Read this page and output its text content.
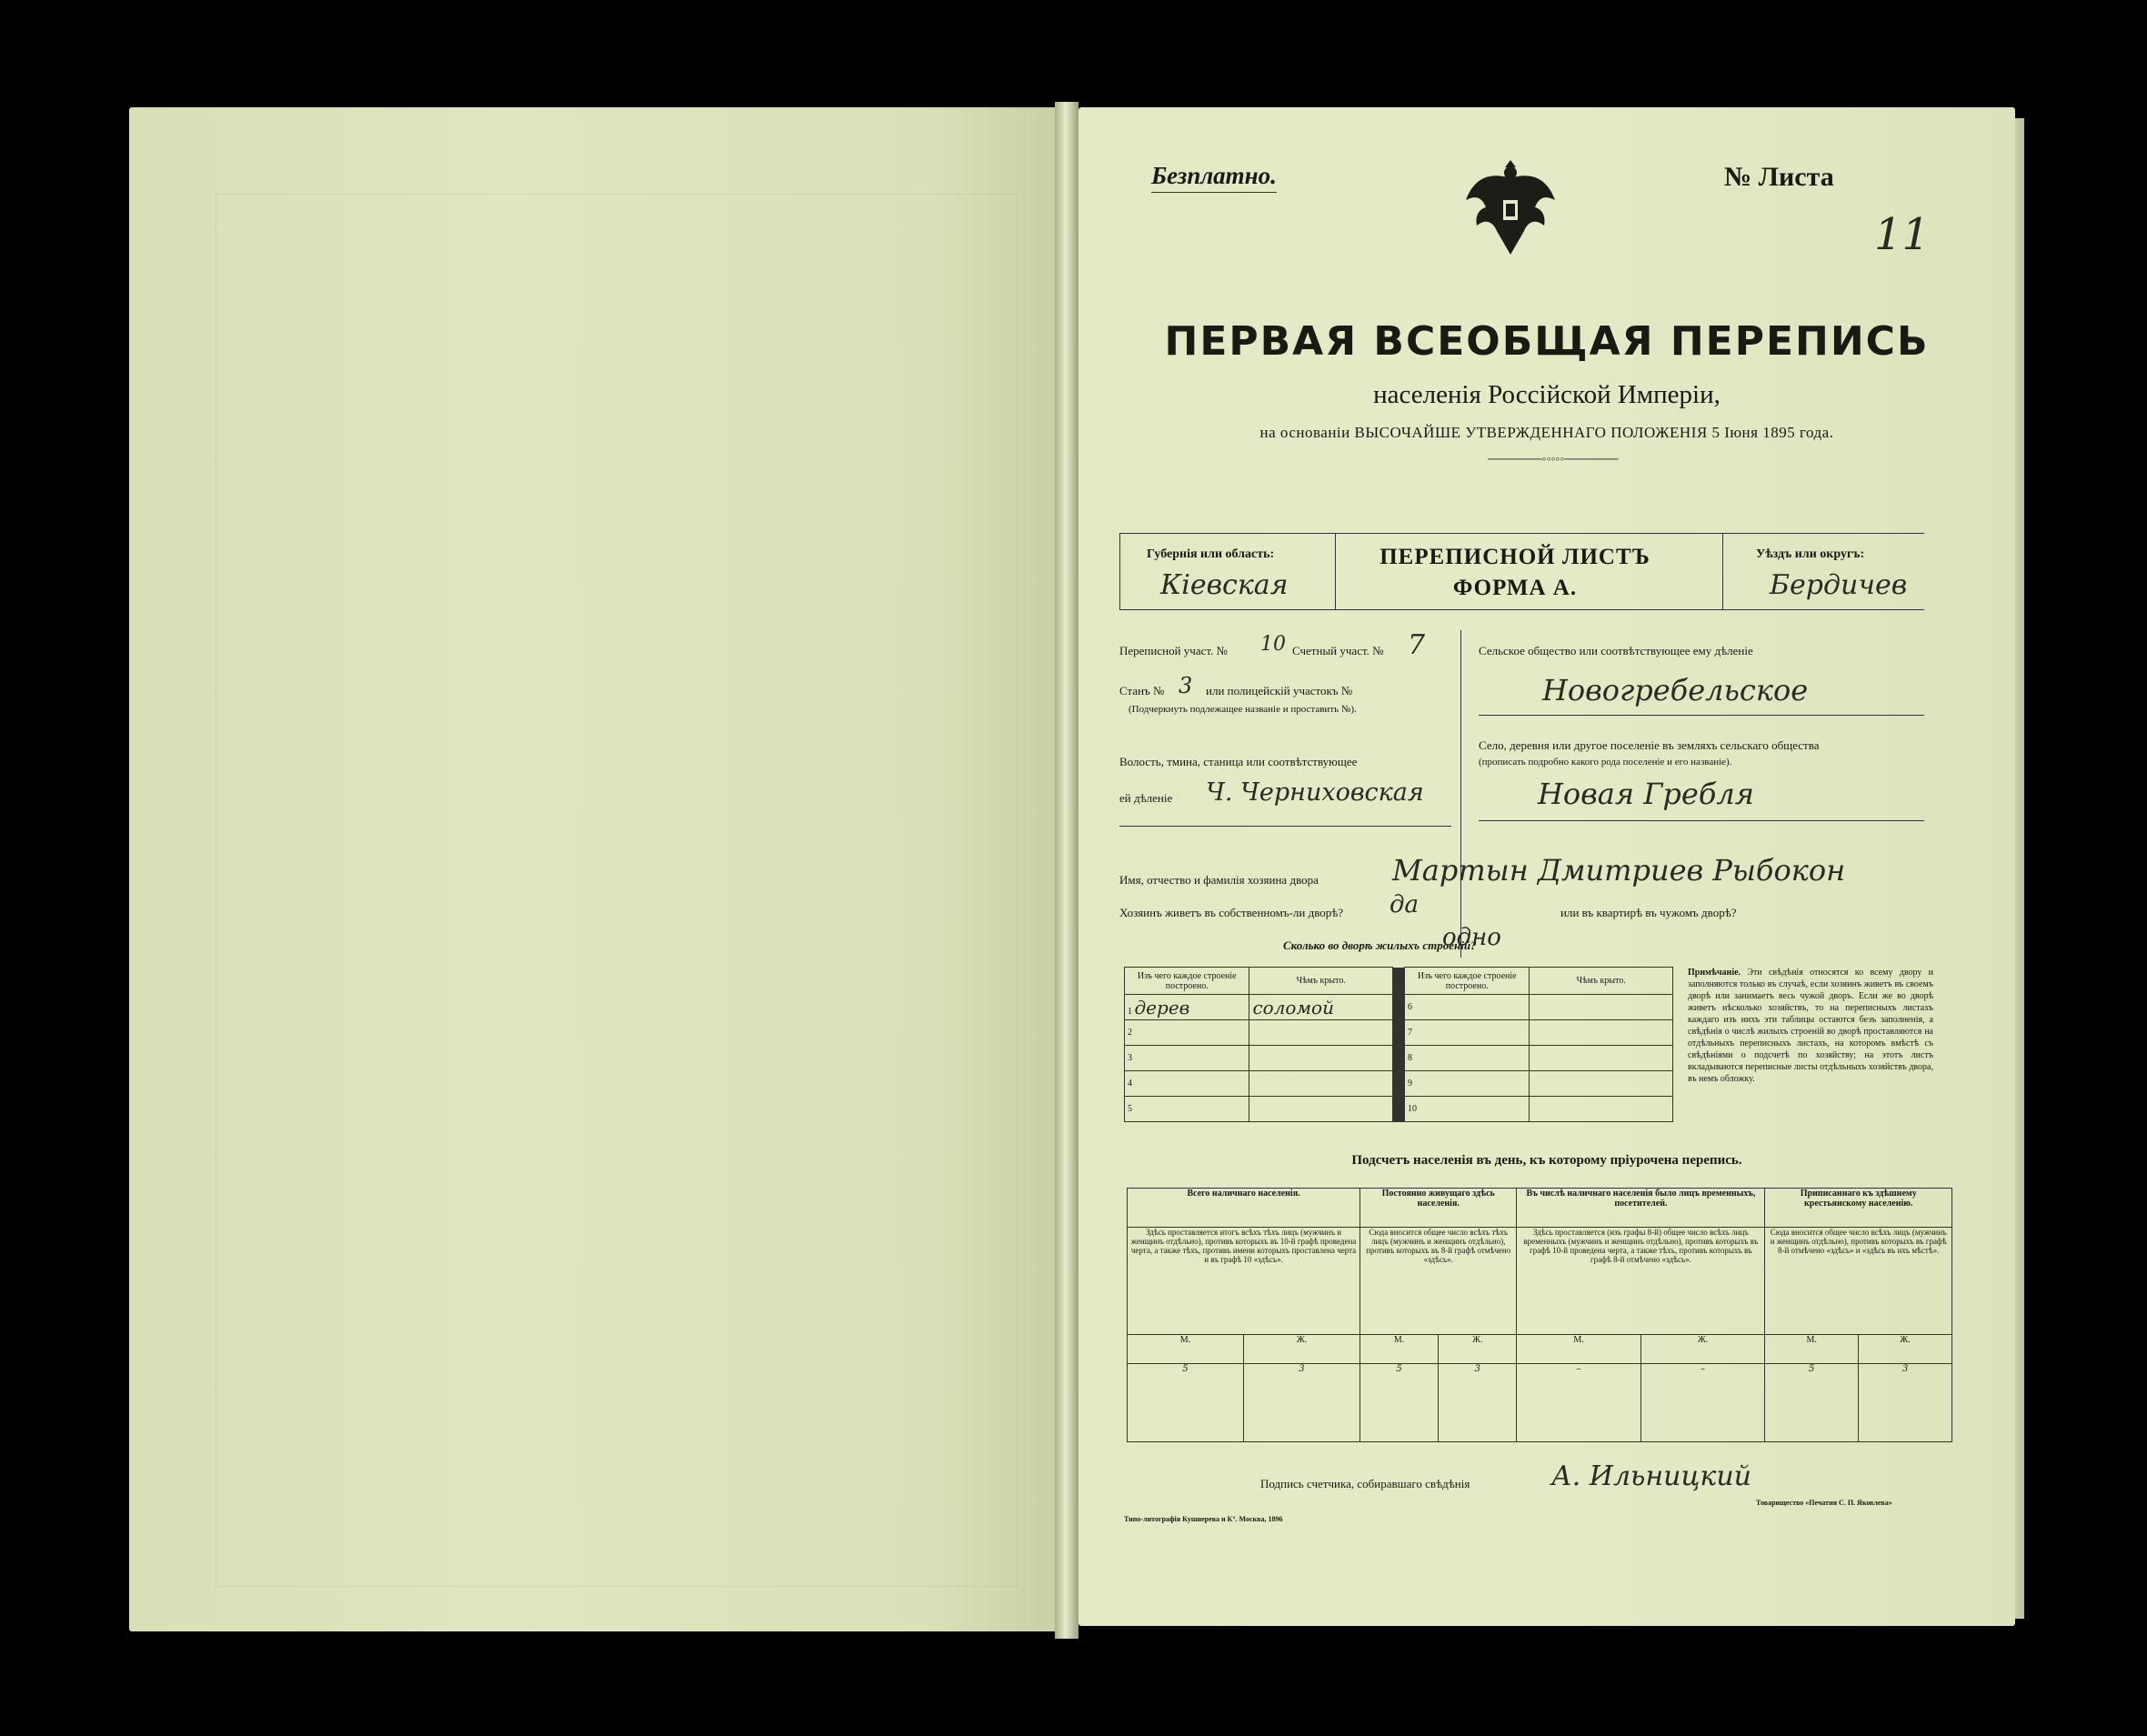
Безплатно.	№ Листа
11
ПЕРВАЯ ВСЕОБЩАЯ ПЕРЕПИСЬ
населенія Россійской Имперіи,
на основаніи ВЫСОЧАЙШЕ УТВЕРЖДЕННАГО ПОЛОЖЕНІЯ 5 Іюня 1895 года.
──────◦◦◦◦◦──────
Губернія или область:
Кіевская
ПЕРЕПИСНОЙ ЛИСТЪ
ФОРМА А.
Уѣздъ или округъ:
Бердичев
Переписной участ. № 10 Счетный участ. № 7
Станъ № 3 или полицейскій участокъ №
(Подчеркнуть подлежащее названіе и проставить №).
Волость, тмина, станица или соотвѣтствующее
ей дѣленіе Ч. Черниховская
Сельское общество или соотвѣтствующее ему дѣленіе
Новогребельское
Село, деревня или другое поселеніе въ земляхъ сельскаго общества
(прописать подробно какого рода поселеніе и его названіе).
Новая Гребля
Имя, отчество и фамилія хозяина двора	Мартын Дмитриев Рыбокон
Хозяинъ живетъ въ собственномъ-ли дворѣ? да	или въ квартирѣ въ чужомъ дворѣ?
Сколько во дворѣ жилыхъ строеній?
одно
Изъ чего каждое строеніе построено.	Чѣмъ крыто.		Изъ чего каждое строеніе построено.	Чѣмъ крыто.
1 дерев	соломой		6	
2			7	
3			8	
4			9	
5			10	
Примѣчаніе. Эти свѣдѣнія относятся ко всему двору и заполняются только въ случаѣ, если хозяинъ живетъ въ своемъ дворѣ или занимаетъ весь чужой дворъ. Если же во дворѣ живетъ нѣсколько хозяйствъ, то на переписныхъ листахъ каждаго изъ нихъ эти таблицы остаются безъ заполненія, а свѣдѣнія о числѣ жилыхъ строеній во дворѣ проставляются на отдѣльныхъ переписныхъ листахъ, на которомъ вмѣстѣ съ свѣдѣніями о подсчетѣ по хозяйству; на этотъ листъ вкладываются переписные листы отдѣльныхъ хозяйствъ двора, въ немъ обложку.
Подсчетъ населенія въ день, къ которому пріурочена перепись.
Всего наличнаго населенія.		Постоянно живущаго здѣсь населенія.		Въ числѣ наличнаго населенія было лицъ временныхъ, посетителей.		Приписаннаго къ здѣшнему крестьянскому населенію.	
Здѣсь проставляется итогъ всѣхъ тѣхъ лицъ (мужчинъ и женщинъ отдѣльно), противъ которыхъ въ 10-й графѣ проведена черта, а также тѣхъ, противъ имени которыхъ проставлена черта и въ графѣ 10 «здѣсь».		Сюда вносится общее число всѣхъ тѣхъ лицъ (мужчинъ и женщинъ отдѣльно), противъ которыхъ въ 8-й графѣ отмѣчено «здѣсь».		Здѣсь проставляется (изъ графы 8-й) общее число всѣхъ лицъ временныхъ (мужчинъ и женщинъ отдѣльно), противъ которыхъ въ графѣ 10-й проведена черта, а также тѣхъ, противъ которыхъ въ графѣ 8-й отмѣчено «здѣсь».		Сюда вносится общее число всѣхъ лицъ (мужчинъ и женщинъ отдѣльно), противъ которыхъ въ графѣ 8-й отмѣчено «здѣсь» и «здѣсь въ ихъ мѣстѣ».	
М.	Ж.	М.	Ж.	М.	Ж.	М.	Ж.
5	3	5	3	–	–	5	3
Подпись счетчика, собиравшаго свѣдѣнія	А. Ильницкий
Типо-литографія Кушнерева и К°. Москва, 1896
Товарищество «Печатня С. П. Яковлева»
